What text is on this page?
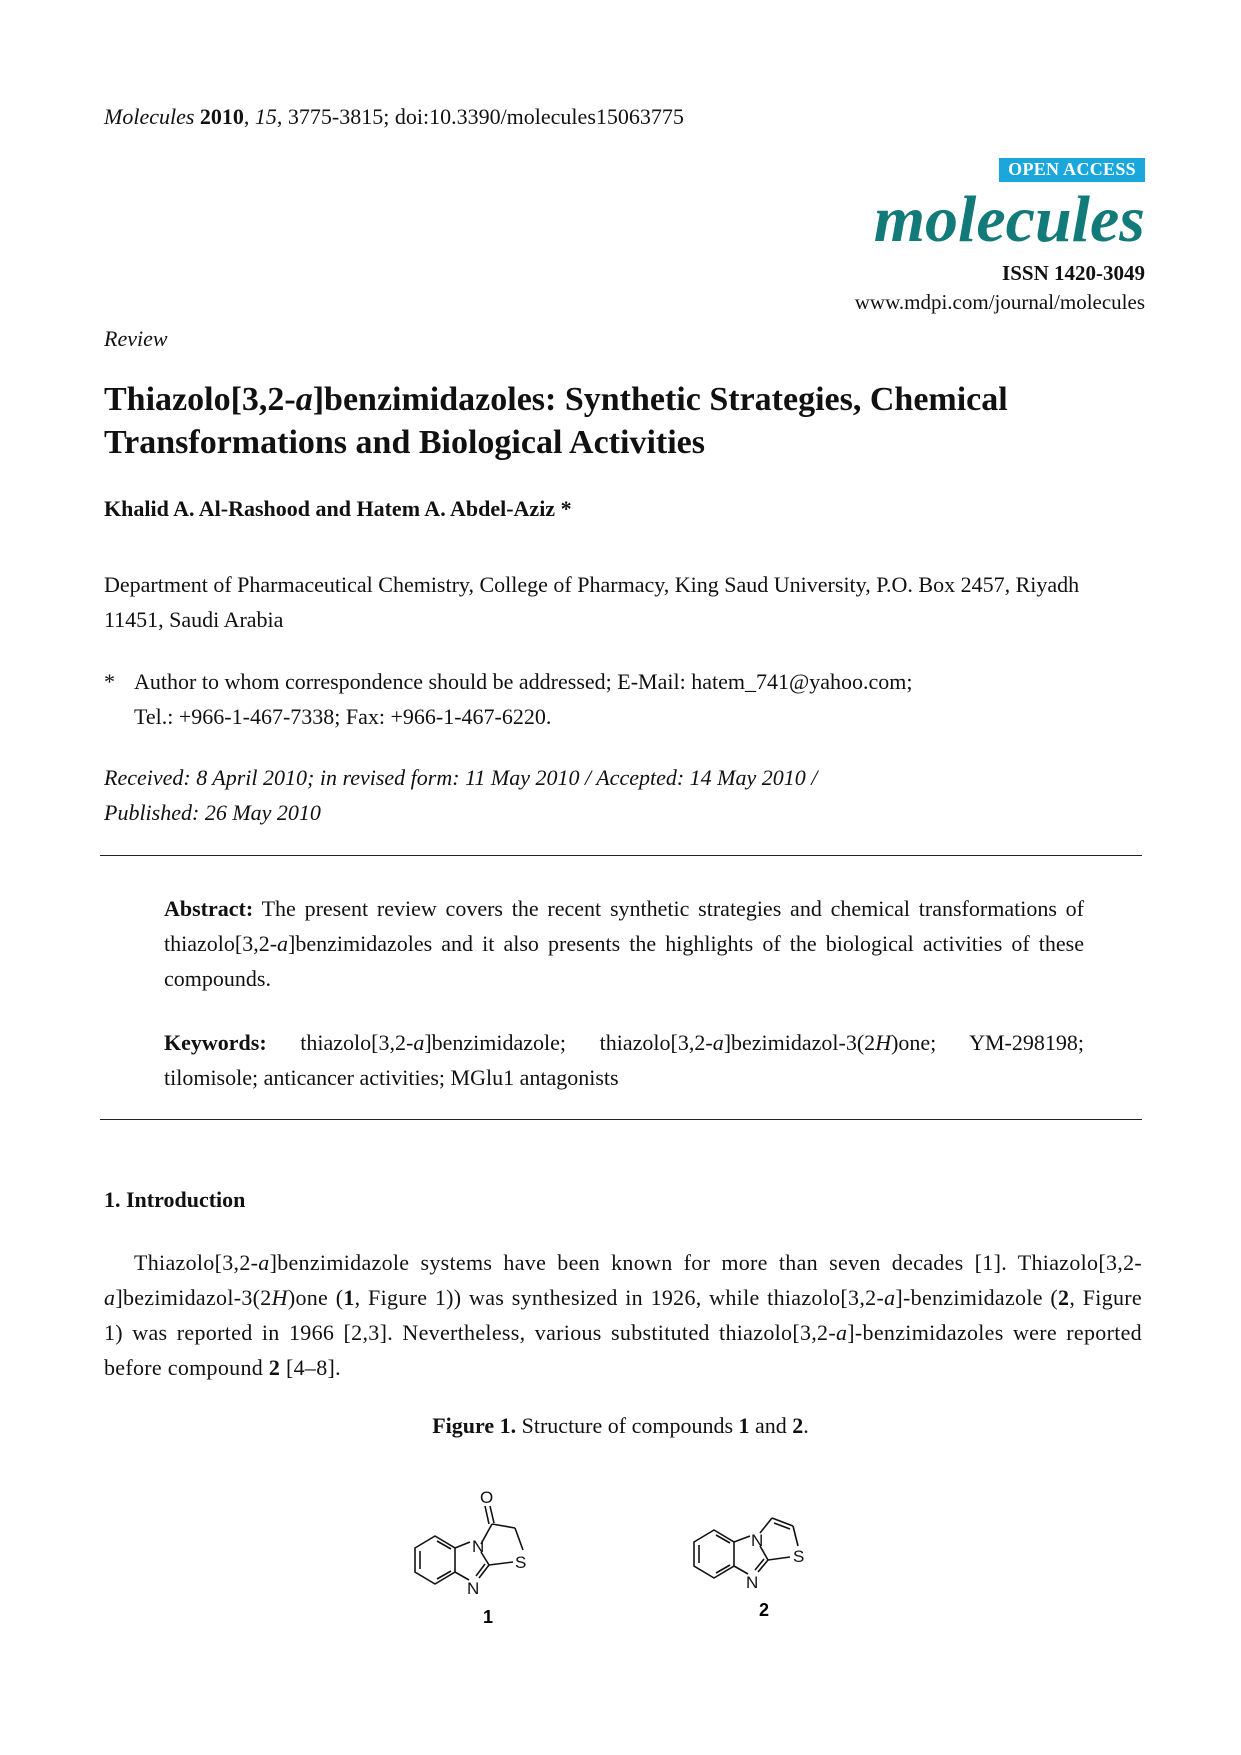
Molecules 2010, 15, 3775-3815; doi:10.3390/molecules15063775
OPEN ACCESS
molecules
ISSN 1420-3049
www.mdpi.com/journal/molecules
Review
Thiazolo[3,2-a]benzimidazoles: Synthetic Strategies, Chemical Transformations and Biological Activities
Khalid A. Al-Rashood and Hatem A. Abdel-Aziz *
Department of Pharmaceutical Chemistry, College of Pharmacy, King Saud University, P.O. Box 2457, Riyadh 11451, Saudi Arabia
* Author to whom correspondence should be addressed; E-Mail: hatem_741@yahoo.com;
Tel.: +966-1-467-7338; Fax: +966-1-467-6220.
Received: 8 April 2010; in revised form: 11 May 2010 / Accepted: 14 May 2010 /
Published: 26 May 2010
Abstract: The present review covers the recent synthetic strategies and chemical transformations of thiazolo[3,2-a]benzimidazoles and it also presents the highlights of the biological activities of these compounds.
Keywords: thiazolo[3,2-a]benzimidazole; thiazolo[3,2-a]bezimidazol-3(2H)one; YM-298198; tilomisole; anticancer activities; MGlu1 antagonists
1. Introduction
Thiazolo[3,2-a]benzimidazole systems have been known for more than seven decades [1]. Thiazolo[3,2-a]bezimidazol-3(2H)one (1, Figure 1)) was synthesized in 1926, while thiazolo[3,2-a]-benzimidazole (2, Figure 1) was reported in 1966 [2,3]. Nevertheless, various substituted thiazolo[3,2-a]-benzimidazoles were reported before compound 2 [4–8].
Figure 1. Structure of compounds 1 and 2.
N
N
S
O
1
N
N
S
2
